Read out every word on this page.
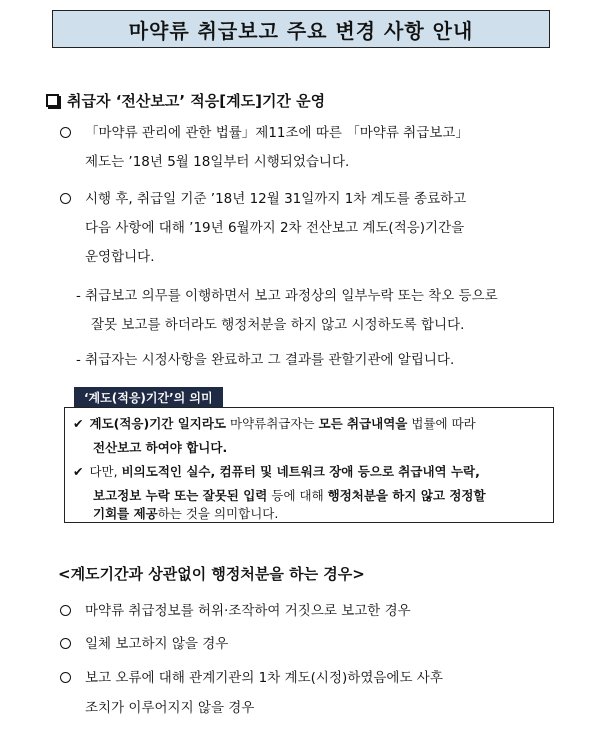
마약류 취급보고 주요 변경 사항 안내
취급자 ‘전산보고’ 적응[계도]기간 운영
「마약류 관리에 관한 법률」제11조에 따른 「마약류 취급보고」
제도는 ’18년 5월 18일부터 시행되었습니다.
시행 후, 취급일 기준 ’18년 12월 31일까지 1차 계도를 종료하고
다음 사항에 대해 ’19년 6월까지 2차 전산보고 계도(적응)기간을
운영합니다.
- 취급보고 의무를 이행하면서 보고 과정상의 일부누락 또는 착오 등으로
잘못 보고를 하더라도 행정처분을 하지 않고 시정하도록 합니다.
- 취급자는 시정사항을 완료하고 그 결과를 관할기관에 알립니다.
‘계도(적응)기간’의 의미
✔ 계도(적응)기간 일지라도 마약류취급자는 모든 취급내역을 법률에 따라
전산보고 하여야 합니다.
✔ 다만, 비의도적인 실수, 컴퓨터 및 네트워크 장애 등으로 취급내역 누락,
보고정보 누락 또는 잘못된 입력 등에 대해 행정처분을 하지 않고 정정할
기회를 제공하는 것을 의미합니다.
<계도기간과 상관없이 행정처분을 하는 경우>
마약류 취급정보를 허위·조작하여 거짓으로 보고한 경우
일체 보고하지 않을 경우
보고 오류에 대해 관계기관의 1차 계도(시정)하였음에도 사후
조치가 이루어지지 않을 경우
